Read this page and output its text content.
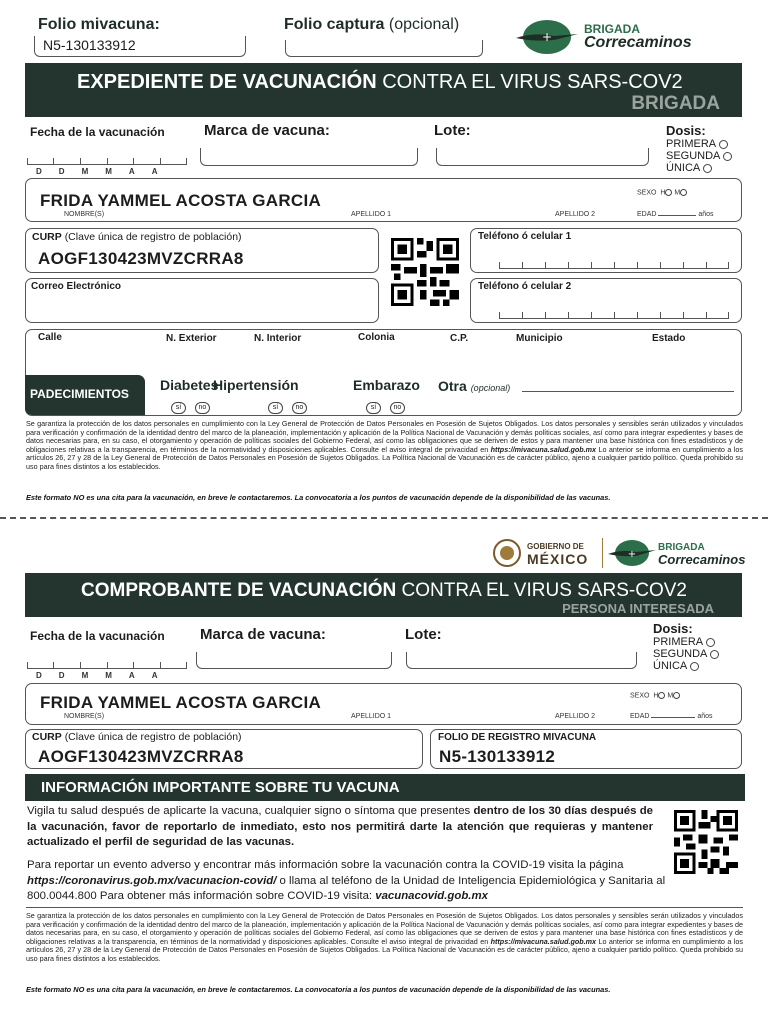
Folio mivacuna:
N5-130133912
Folio captura (opcional)
+
BRIGADA
Correcaminos
EXPEDIENTE DE VACUNACIÓN CONTRA EL VIRUS SARS-COV2
BRIGADA
Fecha de la vacunación
D D M M A A
Marca de vacuna:	Lote:	Dosis:
PRIMERA
SEGUNDA
ÚNICA
FRIDA YAMMEL ACOSTA GARCIA
NOMBRE(S)	APELLIDO 1	APELLIDO 2
SEXO H M
EDAD	años
CURP (Clave única de registro de población)
AOGF130423MVZCRRA8
Correo Electrónico
Teléfono ó celular 1
Teléfono ó celular 2
Calle	N. Exterior	N. Interior	Colonia	C.P.	Municipio	Estado
PADECIMIENTOS
Diabetes
sí no
Hipertensión
sí no
Embarazo
sí no
Otra (opcional)
Se garantiza la protección de los datos personales en cumplimiento con la Ley General de Protección de Datos Personales en Posesión de Sujetos Obligados. Los datos personales y sensibles serán utilizados y vinculados para verificación y confirmación de la identidad dentro del marco de la planeación, implementación y aplicación de la Política Nacional de Vacunación y demás políticas sociales, así como para integrar expedientes y bases de datos necesarias para, en su caso, el otorgamiento y operación de políticas sociales del Gobierno Federal, así como las obligaciones que se deriven de estos y para mantener una base histórica con fines estadísticos y de obligaciones relativas a la transparencia, en términos de la normatividad y disposiciones aplicables. Consulte el aviso integral de privacidad en https://mivacuna.salud.gob.mx Lo anterior se informa en cumplimiento a los artículos 26, 27 y 28 de la Ley General de Protección de Datos Personales en Posesión de Sujetos Obligados. La Política Nacional de Vacunación es de carácter público, ajeno a cualquier partido político. Queda prohibido su uso para fines distintos a los establecidos.
Este formato NO es una cita para la vacunación, en breve le contactaremos. La convocatoria a los puntos de vacunación depende de la disponibilidad de las vacunas.
GOBIERNO DE
MÉXICO	+
BRIGADA
Correcaminos
COMPROBANTE DE VACUNACIÓN CONTRA EL VIRUS SARS-COV2
PERSONA INTERESADA
Fecha de la vacunación
D D M M A A
Marca de vacuna:	Lote:	Dosis:
PRIMERA
SEGUNDA
ÚNICA
FRIDA YAMMEL ACOSTA GARCIA
NOMBRE(S)	APELLIDO 1	APELLIDO 2
SEXO H M
EDAD	años
CURP (Clave única de registro de población)
AOGF130423MVZCRRA8
FOLIO DE REGISTRO MIVACUNA
N5-130133912
INFORMACIÓN IMPORTANTE SOBRE TU VACUNA
Vigila tu salud después de aplicarte la vacuna, cualquier signo o síntoma que presentes dentro de los 30 días después de la vacunación, favor de reportarlo de inmediato, esto nos permitirá darte la atención que requieras y mantener actualizado el perfil de seguridad de las vacunas.
Para reportar un evento adverso y encontrar más información sobre la vacunación contra la COVID-19 visita la página https://coronavirus.gob.mx/vacunacion-covid/ o llama al teléfono de la Unidad de Inteligencia Epidemiológica y Sanitaria al 800.0044.800 Para obtener más información sobre COVID-19 visita: vacunacovid.gob.mx
Se garantiza la protección de los datos personales en cumplimiento con la Ley General de Protección de Datos Personales en Posesión de Sujetos Obligados. Los datos personales y sensibles serán utilizados y vinculados para verificación y confirmación de la identidad dentro del marco de la planeación, implementación y aplicación de la Política Nacional de Vacunación y demás políticas sociales, así como para integrar expedientes y bases de datos necesarias para, en su caso, el otorgamiento y operación de políticas sociales del Gobierno Federal, así como las obligaciones que se deriven de estos y para mantener una base histórica con fines estadísticos y de obligaciones relativas a la transparencia, en términos de la normatividad y disposiciones aplicables. Consulte el aviso integral de privacidad en https://mivacuna.salud.gob.mx Lo anterior se informa en cumplimiento a los artículos 26, 27 y 28 de la Ley General de Protección de Datos Personales en Posesión de Sujetos Obligados. La Política Nacional de Vacunación es de carácter público, ajeno a cualquier partido político. Queda prohibido su uso para fines distintos a los establecidos.
Este formato NO es una cita para la vacunación, en breve le contactaremos. La convocatoria a los puntos de vacunación depende de la disponibilidad de las vacunas.
